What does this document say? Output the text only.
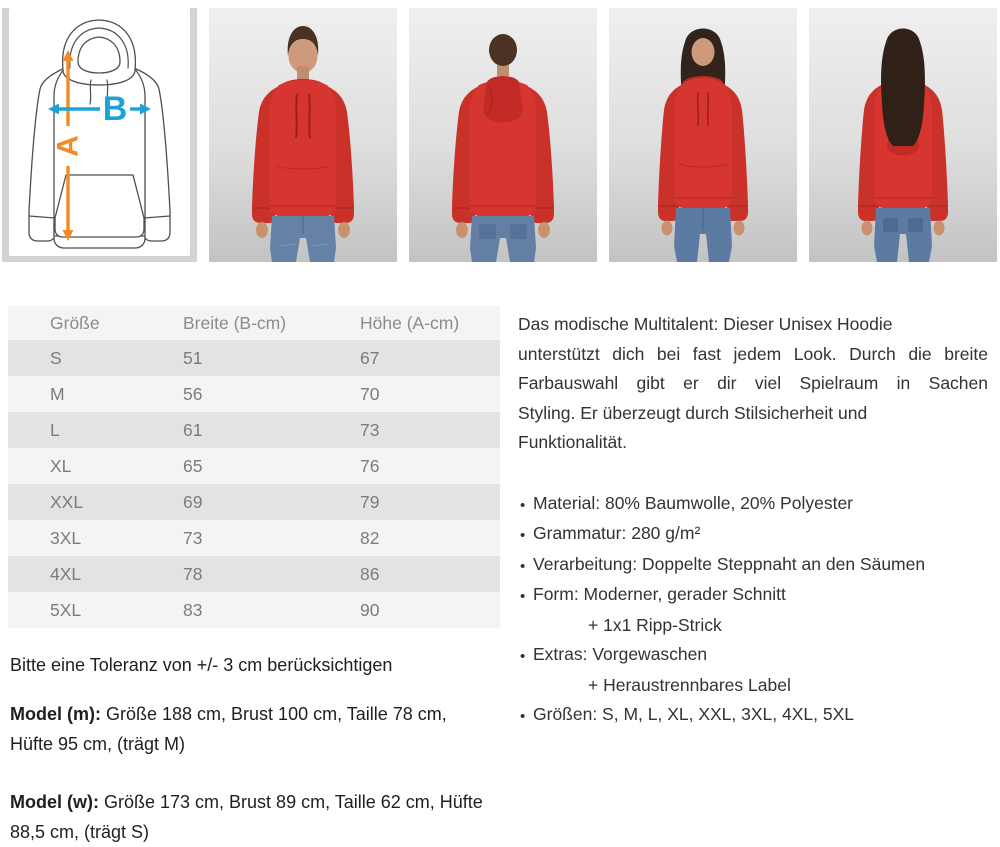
A
B
Größe	Breite (B-cm)	Höhe (A-cm)
S	51	67
M	56	70
L	61	73
XL	65	76
XXL	69	79
3XL	73	82
4XL	78	86
5XL	83	90
Bitte eine Toleranz von +/- 3 cm berücksichtigen
Model (m): Größe 188 cm, Brust 100 cm, Taille 78 cm, Hüfte 95 cm, (trägt M)
Model (w): Größe 173 cm, Brust 89 cm, Taille 62 cm, Hüfte 88,5 cm, (trägt S)
Das modische Multitalent: Dieser Unisex Hoodie
unterstützt dich bei fast jedem Look. Durch die breite
Farbauswahl gibt er dir viel Spielraum in Sachen
Styling. Er überzeugt durch Stilsicherheit und
Funktionalität.
•
Material: 80% Baumwolle, 20% Polyester
•
Grammatur: 280 g/m²
•
Verarbeitung: Doppelte Steppnaht an den Säumen
•
Form: Moderner, gerader Schnitt
+ 1x1 Ripp-Strick
•
Extras: Vorgewaschen
+ Heraustrennbares Label
•
Größen: S, M, L, XL, XXL, 3XL, 4XL, 5XL
